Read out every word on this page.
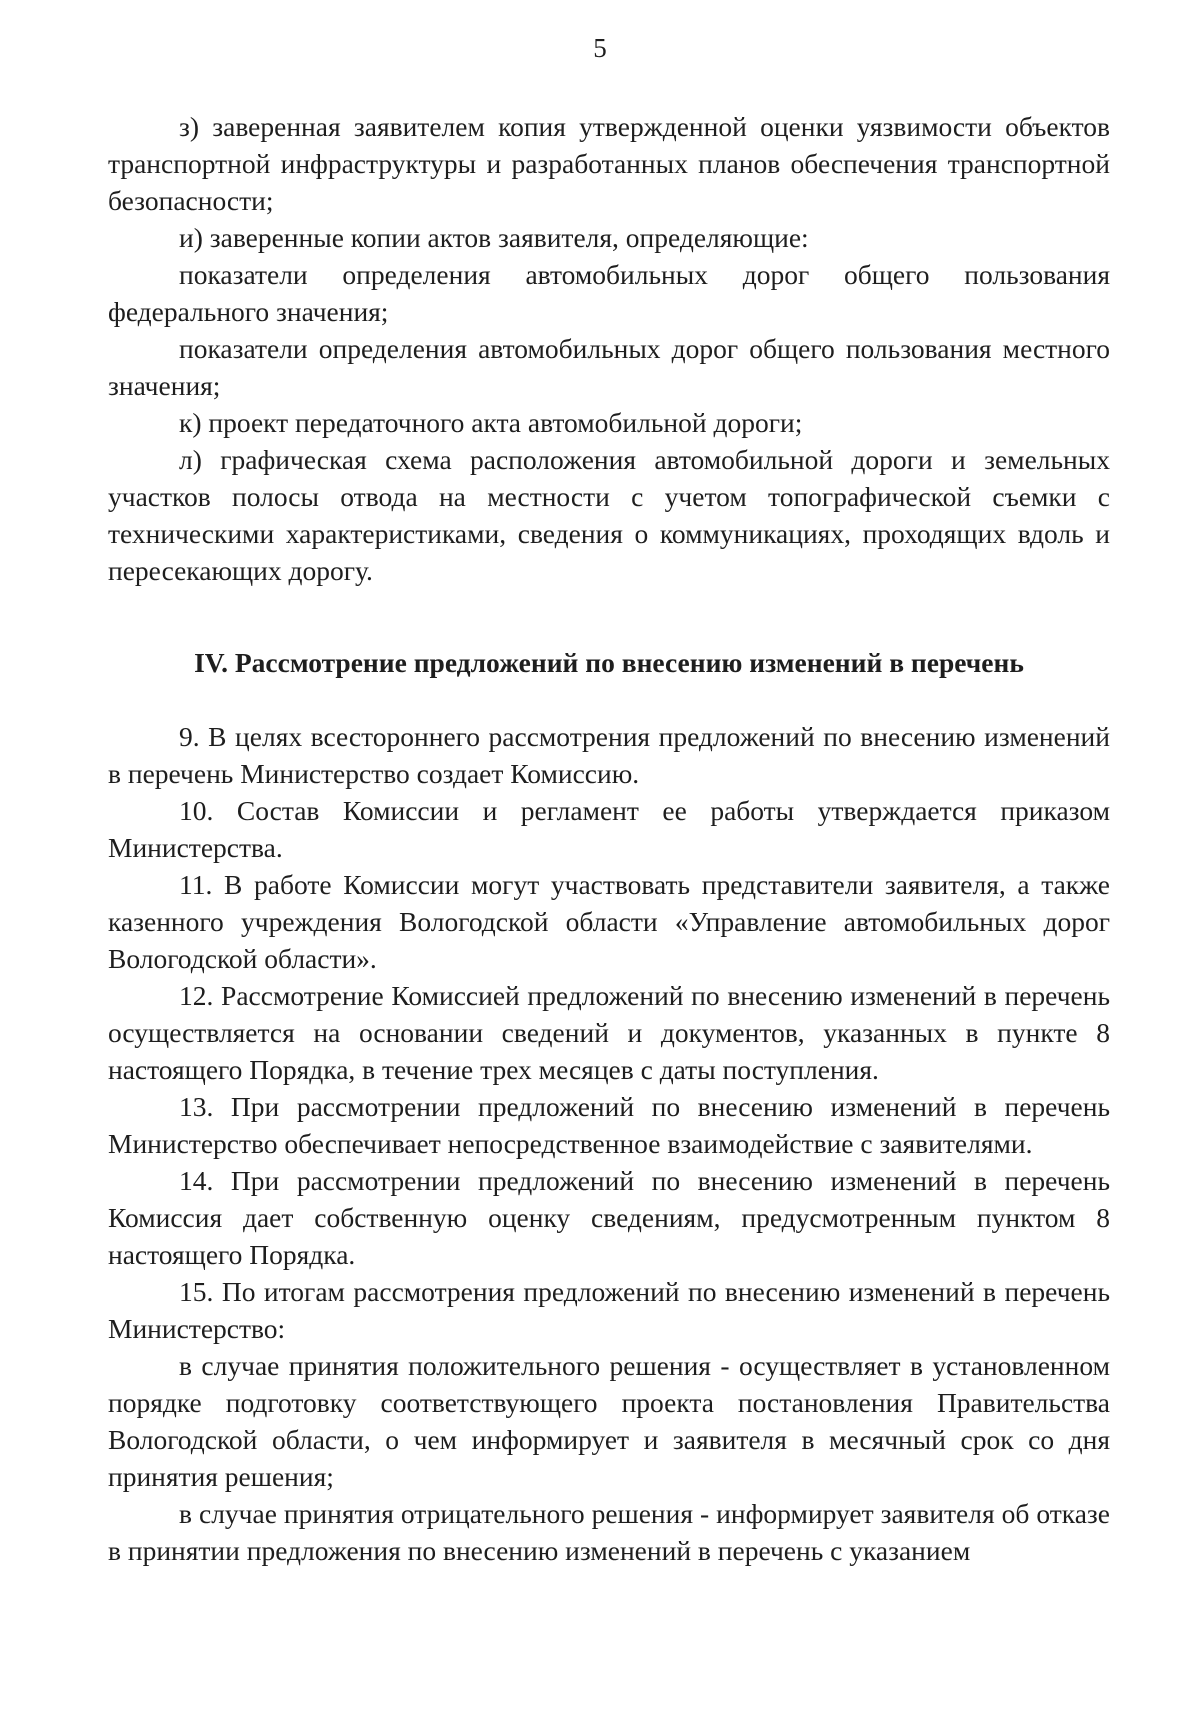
5

з) заверенная заявителем копия утвержденной оценки уязвимости объектов транспортной инфраструктуры и разработанных планов обеспечения транспортной безопасности;

и) заверенные копии актов заявителя, определяющие:

показатели определения автомобильных дорог общего пользования федерального значения;

показатели определения автомобильных дорог общего пользования местного значения;

к) проект передаточного акта автомобильной дороги;

л) графическая схема расположения автомобильной дороги и земельных участков полосы отвода на местности с учетом топографической съемки с техническими характеристиками, сведения о коммуникациях, проходящих вдоль и пересекающих дорогу.

IV. Рассмотрение предложений по внесению изменений в перечень

9. В целях всестороннего рассмотрения предложений по внесению изменений в перечень Министерство создает Комиссию.

10. Состав Комиссии и регламент ее работы утверждается приказом Министерства.

11. В работе Комиссии могут участвовать представители заявителя, а также казенного учреждения Вологодской области «Управление автомобильных дорог Вологодской области».

12. Рассмотрение Комиссией предложений по внесению изменений в перечень осуществляется на основании сведений и документов, указанных в пункте 8 настоящего Порядка, в течение трех месяцев с даты поступления.

13. При рассмотрении предложений по внесению изменений в перечень Министерство обеспечивает непосредственное взаимодействие с заявителями.

14. При рассмотрении предложений по внесению изменений в перечень Комиссия дает собственную оценку сведениям, предусмотренным пунктом 8 настоящего Порядка.

15. По итогам рассмотрения предложений по внесению изменений в перечень Министерство:

в случае принятия положительного решения - осуществляет в установленном порядке подготовку соответствующего проекта постановления Правительства Вологодской области, о чем информирует и заявителя в месячный срок со дня принятия решения;

в случае принятия отрицательного решения - информирует заявителя об отказе в принятии предложения по внесению изменений в перечень с указанием
